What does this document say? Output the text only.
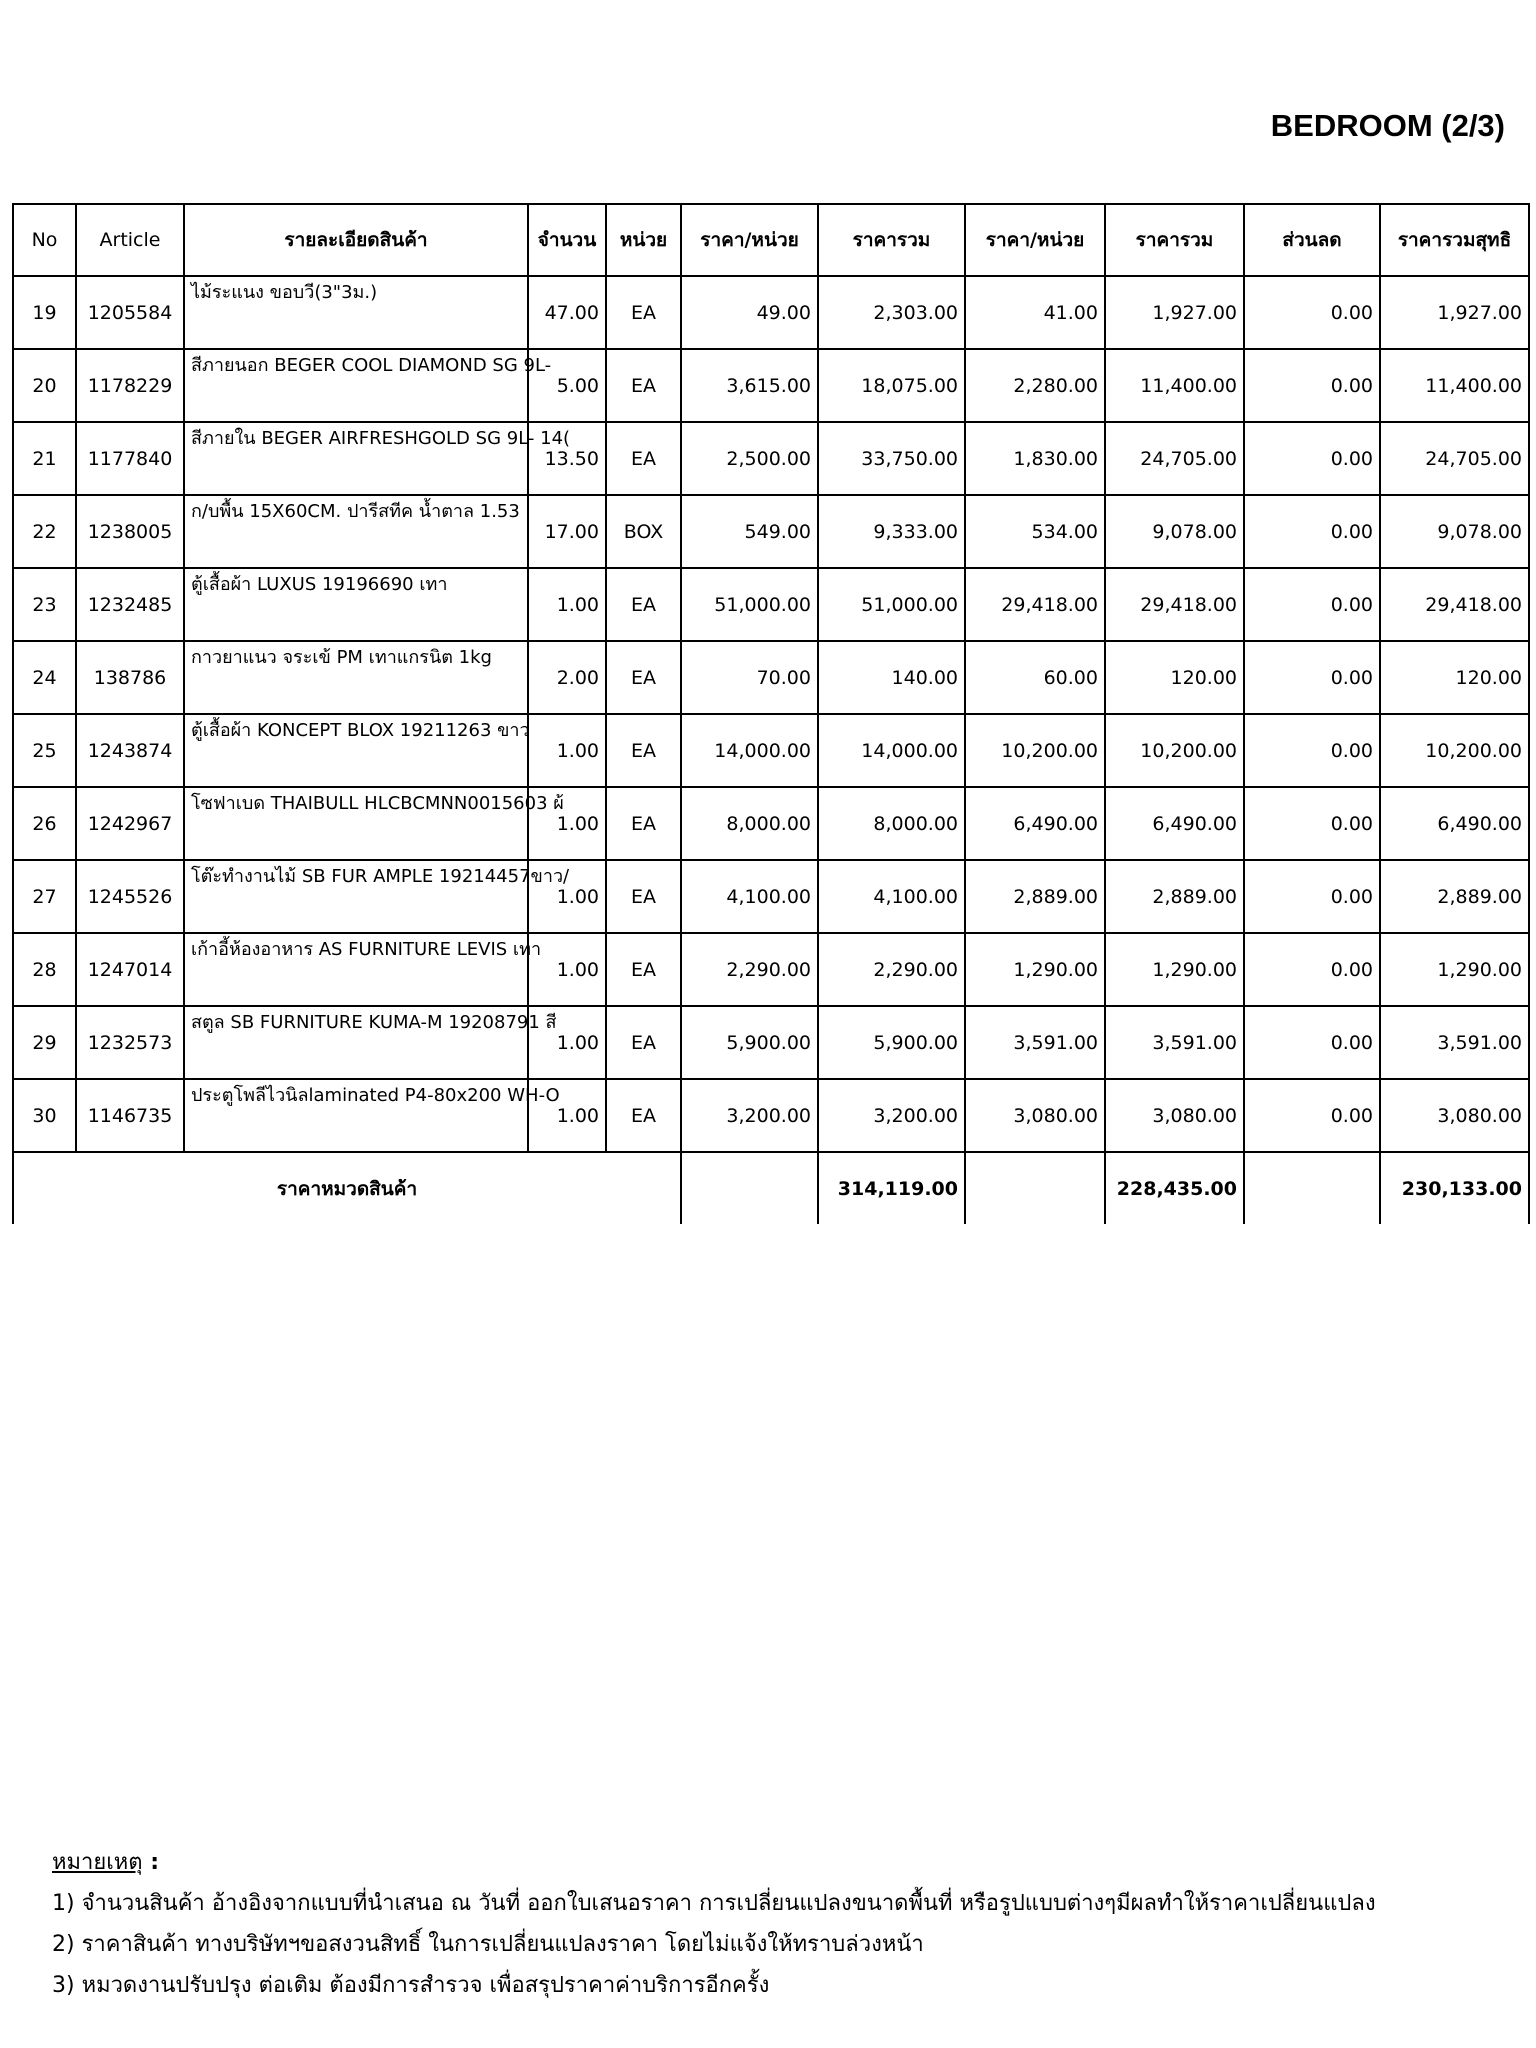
BEDROOM (2/3)
No	Article	รายละเอียดสินค้า	จำนวน	หน่วย	ราคา/หน่วย	ราคารวม	ราคา/หน่วย	ราคารวม	ส่วนลด	ราคารวมสุทธิ
19	1205584	ไม้ระแนง ขอบวี(3"3ม.)	47.00	EA	49.00	2,303.00	41.00	1,927.00	0.00	1,927.00
20	1178229	สีภายนอก BEGER COOL DIAMOND SG 9L-	5.00	EA	3,615.00	18,075.00	2,280.00	11,400.00	0.00	11,400.00
21	1177840	สีภายใน BEGER AIRFRESHGOLD SG 9L- 14(	13.50	EA	2,500.00	33,750.00	1,830.00	24,705.00	0.00	24,705.00
22	1238005	ก/บพื้น 15X60CM. ปารีสทีค น้ำตาล 1.53	17.00	BOX	549.00	9,333.00	534.00	9,078.00	0.00	9,078.00
23	1232485	ตู้เสื้อผ้า LUXUS 19196690 เทา	1.00	EA	51,000.00	51,000.00	29,418.00	29,418.00	0.00	29,418.00
24	138786	กาวยาแนว จระเข้ PM เทาแกรนิต 1kg	2.00	EA	70.00	140.00	60.00	120.00	0.00	120.00
25	1243874	ตู้เสื้อผ้า KONCEPT BLOX 19211263 ขาว	1.00	EA	14,000.00	14,000.00	10,200.00	10,200.00	0.00	10,200.00
26	1242967	โซฟาเบด THAIBULL HLCBCMNN0015603 ผ้	1.00	EA	8,000.00	8,000.00	6,490.00	6,490.00	0.00	6,490.00
27	1245526	โต๊ะทำงานไม้ SB FUR AMPLE 19214457ขาว/	1.00	EA	4,100.00	4,100.00	2,889.00	2,889.00	0.00	2,889.00
28	1247014	เก้าอี้ห้องอาหาร AS FURNITURE LEVIS เทา	1.00	EA	2,290.00	2,290.00	1,290.00	1,290.00	0.00	1,290.00
29	1232573	สตูล SB FURNITURE KUMA-M 19208791 สี	1.00	EA	5,900.00	5,900.00	3,591.00	3,591.00	0.00	3,591.00
30	1146735	ประตูโพลีไวนิลlaminated P4-80x200 WH-O	1.00	EA	3,200.00	3,200.00	3,080.00	3,080.00	0.00	3,080.00
ราคาหมวดสินค้า						314,119.00		228,435.00		230,133.00
หมายเหตุ :
1) จำนวนสินค้า อ้างอิงจากแบบที่นำเสนอ ณ วันที่ ออกใบเสนอราคา การเปลี่ยนแปลงขนาดพื้นที่ หรือรูปแบบต่างๆมีผลทำให้ราคาเปลี่ยนแปลง
2) ราคาสินค้า ทางบริษัทฯขอสงวนสิทธิ์ ในการเปลี่ยนแปลงราคา โดยไม่แจ้งให้ทราบล่วงหน้า
3) หมวดงานปรับปรุง ต่อเติม ต้องมีการสำรวจ เพื่อสรุปราคาค่าบริการอีกครั้ง
